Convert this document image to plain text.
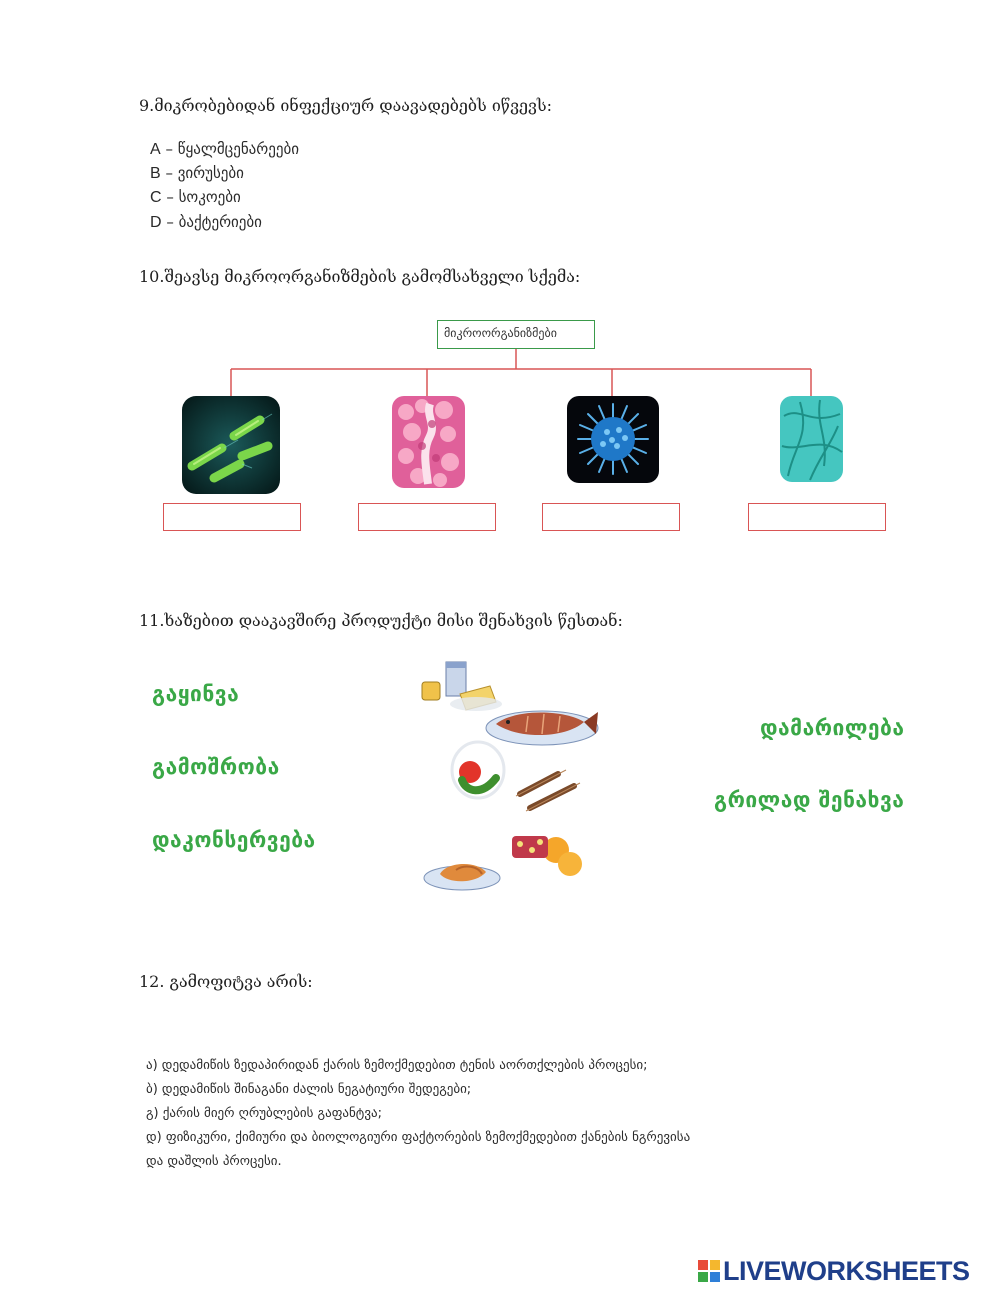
9.მიკრობებიდან ინფექციურ დაავადებებს იწვევს:
A – წყალმცენარეები
B – ვირუსები
C – სოკოები
D – ბაქტერიები
10.შეავსე მიკროორგანიზმების გამომსახველი სქემა:
მიკროორგანიზმები
11.ხაზებით დააკავშირე პროდუქტი მისი შენახვის წესთან:
გაყინვა
გამოშრობა
დაკონსერვება
დამარილება
გრილად შენახვა
12. გამოფიტვა არის:
ა) დედამიწის ზედაპირიდან ქარის ზემოქმედებით ტენის აორთქლების პროცესი;
ბ) დედამიწის შინაგანი ძალის ნეგატიური შედეგები;
გ) ქარის მიერ ღრუბლების გაფანტვა;
დ) ფიზიკური, ქიმიური და ბიოლოგიური ფაქტორების ზემოქმედებით ქანების ნგრევისა
და დაშლის პროცესი.
LIVEWORKSHEETS
